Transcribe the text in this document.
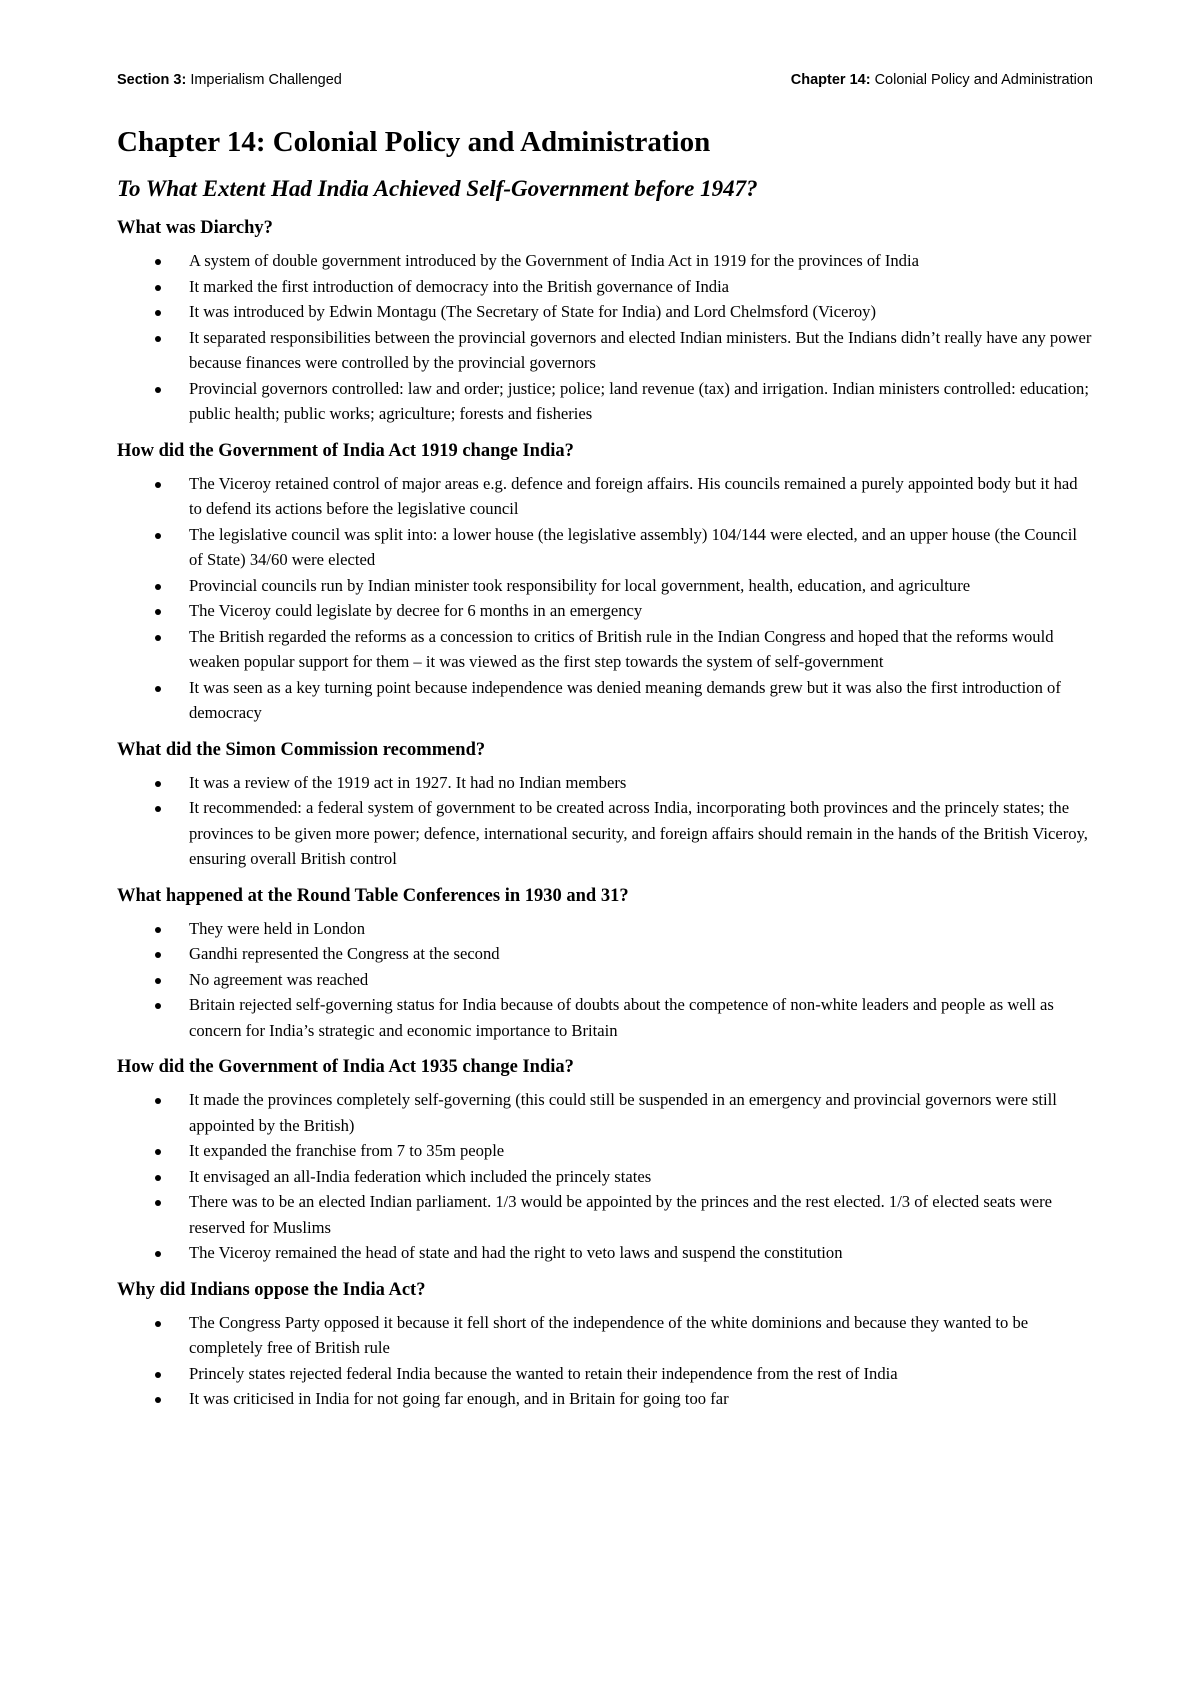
Section 3: Imperialism Challenged	Chapter 14: Colonial Policy and Administration
Chapter 14: Colonial Policy and Administration
To What Extent Had India Achieved Self-Government before 1947?
What was Diarchy?
A system of double government introduced by the Government of India Act in 1919 for the provinces of India
It marked the first introduction of democracy into the British governance of India
It was introduced by Edwin Montagu (The Secretary of State for India) and Lord Chelmsford (Viceroy)
It separated responsibilities between the provincial governors and elected Indian ministers. But the Indians didn’t really have any power because finances were controlled by the provincial governors
Provincial governors controlled: law and order; justice; police; land revenue (tax) and irrigation. Indian ministers controlled: education; public health; public works; agriculture; forests and fisheries
How did the Government of India Act 1919 change India?
The Viceroy retained control of major areas e.g. defence and foreign affairs. His councils remained a purely appointed body but it had to defend its actions before the legislative council
The legislative council was split into: a lower house (the legislative assembly) 104/144 were elected, and an upper house (the Council of State) 34/60 were elected
Provincial councils run by Indian minister took responsibility for local government, health, education, and agriculture
The Viceroy could legislate by decree for 6 months in an emergency
The British regarded the reforms as a concession to critics of British rule in the Indian Congress and hoped that the reforms would weaken popular support for them – it was viewed as the first step towards the system of self-government
It was seen as a key turning point because independence was denied meaning demands grew but it was also the first introduction of democracy
What did the Simon Commission recommend?
It was a review of the 1919 act in 1927. It had no Indian members
It recommended: a federal system of government to be created across India, incorporating both provinces and the princely states; the provinces to be given more power; defence, international security, and foreign affairs should remain in the hands of the British Viceroy, ensuring overall British control
What happened at the Round Table Conferences in 1930 and 31?
They were held in London
Gandhi represented the Congress at the second
No agreement was reached
Britain rejected self-governing status for India because of doubts about the competence of non-white leaders and people as well as concern for India’s strategic and economic importance to Britain
How did the Government of India Act 1935 change India?
It made the provinces completely self-governing (this could still be suspended in an emergency and provincial governors were still appointed by the British)
It expanded the franchise from 7 to 35m people
It envisaged an all-India federation which included the princely states
There was to be an elected Indian parliament. 1/3 would be appointed by the princes and the rest elected. 1/3 of elected seats were reserved for Muslims
The Viceroy remained the head of state and had the right to veto laws and suspend the constitution
Why did Indians oppose the India Act?
The Congress Party opposed it because it fell short of the independence of the white dominions and because they wanted to be completely free of British rule
Princely states rejected federal India because the wanted to retain their independence from the rest of India
It was criticised in India for not going far enough, and in Britain for going too far
